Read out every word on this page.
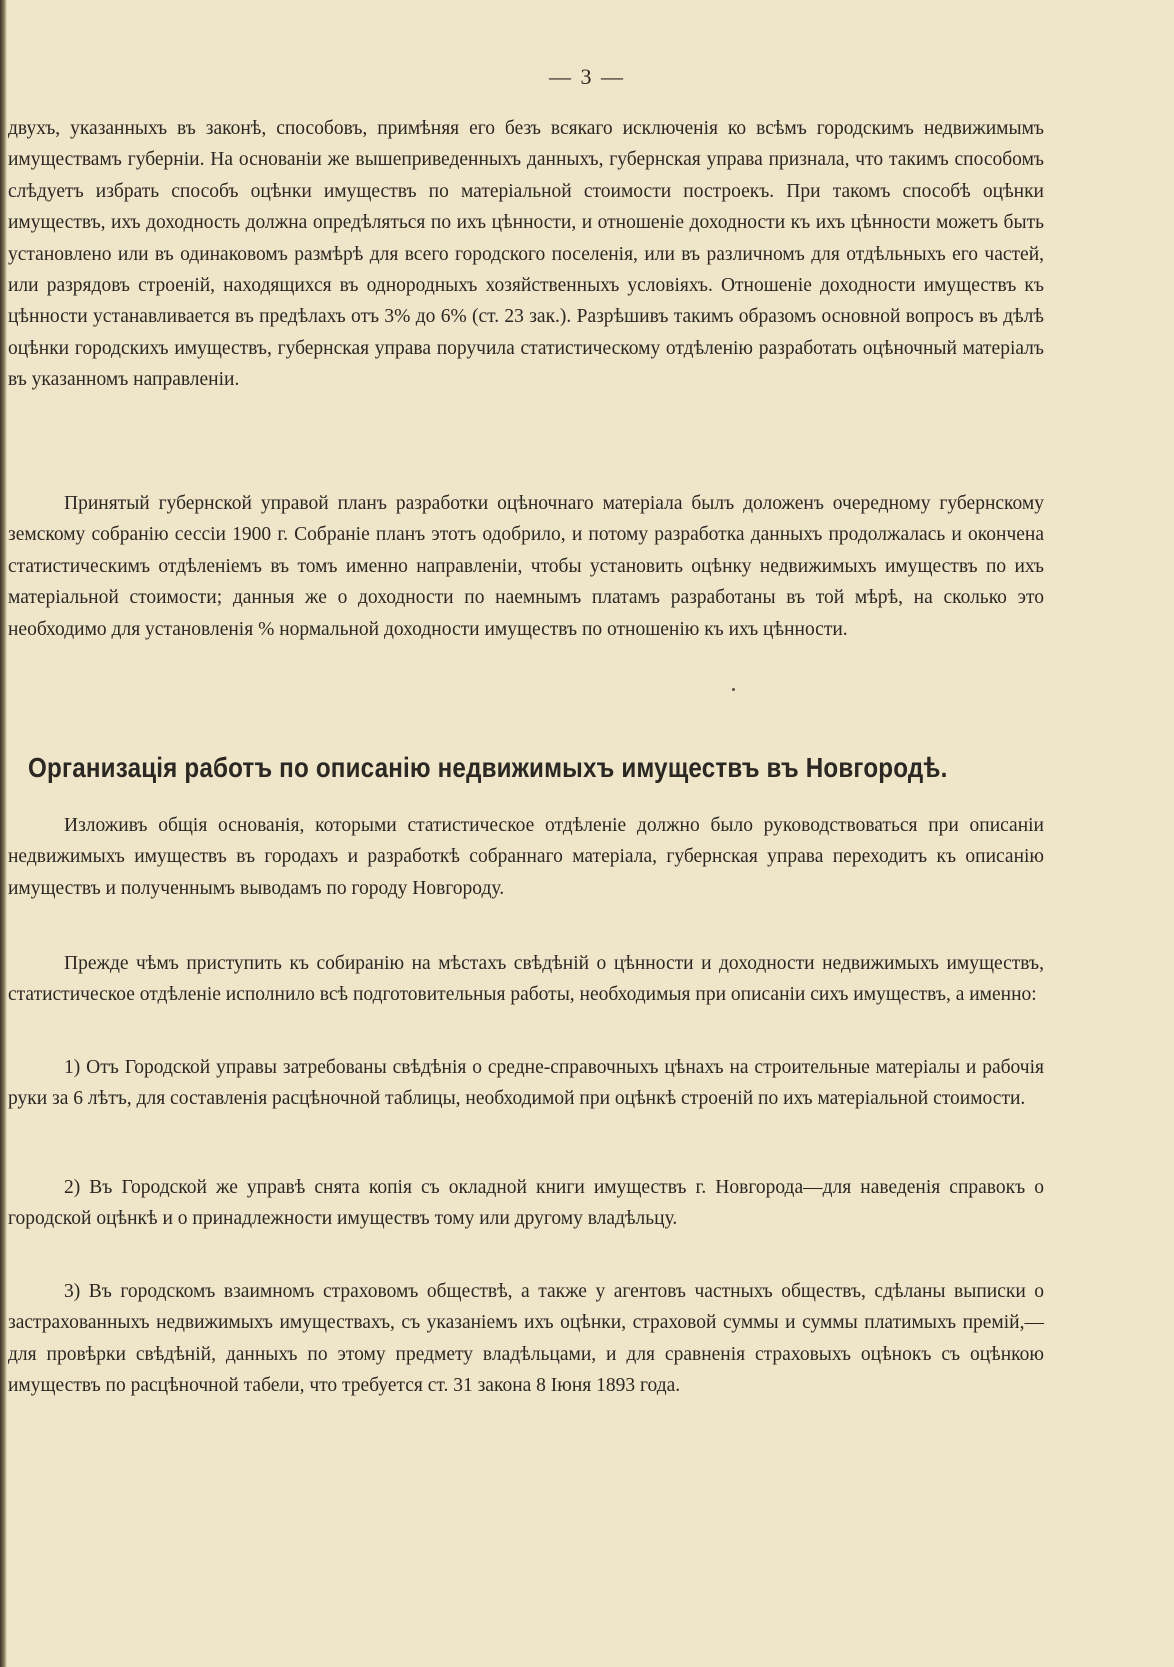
— 3 —

двухъ, указанныхъ въ законѣ, способовъ, примѣняя его безъ всякаго исключенія ко всѣмъ городскимъ недвижимымъ имуществамъ губерніи. На основаніи же вышеприведенныхъ данныхъ, губернская управа признала, что такимъ способомъ слѣдуетъ избрать способъ оцѣнки имуществъ по матеріальной стоимости построекъ. При такомъ способѣ оцѣнки имуществъ, ихъ доходность должна опредѣляться по ихъ цѣнности, и отношеніе доходности къ ихъ цѣнности можетъ быть установлено или въ одинаковомъ размѣрѣ для всего городского поселенія, или въ различномъ для отдѣльныхъ его частей, или разрядовъ строеній, находящихся въ однородныхъ хозяйственныхъ условіяхъ. Отношеніе доходности имуществъ къ цѣнности устанавливается въ предѣлахъ отъ 3% до 6% (ст. 23 зак.). Разрѣшивъ такимъ образомъ основной вопросъ въ дѣлѣ оцѣнки городскихъ имуществъ, губернская управа поручила статистическому отдѣленію разработать оцѣночный матеріалъ въ указанномъ направленіи.

Принятый губернской управой планъ разработки оцѣночнаго матеріала былъ доложенъ очередному губернскому земскому собранію сессіи 1900 г. Собраніе планъ этотъ одобрило, и потому разработка данныхъ продолжалась и окончена статистическимъ отдѣленіемъ въ томъ именно направленіи, чтобы установить оцѣнку недвижимыхъ имуществъ по ихъ матеріальной стоимости; данныя же о доходности по наемнымъ платамъ разработаны въ той мѣрѣ, на сколько это необходимо для установленія % нормальной доходности имуществъ по отношенію къ ихъ цѣнности.

Организація работъ по описанію недвижимыхъ имуществъ въ Новгородѣ.

Изложивъ общія основанія, которыми статистическое отдѣленіе должно было руководствоваться при описаніи недвижимыхъ имуществъ въ городахъ и разработкѣ собраннаго матеріала, губернская управа переходитъ къ описанію имуществъ и полученнымъ выводамъ по городу Новгороду.

Прежде чѣмъ приступить къ собиранію на мѣстахъ свѣдѣній о цѣнности и доходности недвижимыхъ имуществъ, статистическое отдѣленіе исполнило всѣ подготовительныя работы, необходимыя при описаніи сихъ имуществъ, а именно:

1) Отъ Городской управы затребованы свѣдѣнія о средне-справочныхъ цѣнахъ на строительные матеріалы и рабочія руки за 6 лѣтъ, для составленія расцѣночной таблицы, необходимой при оцѣнкѣ строеній по ихъ матеріальной стоимости.

2) Въ Городской же управѣ снята копія съ окладной книги имуществъ г. Новгорода—для наведенія справокъ о городской оцѣнкѣ и о принадлежности имуществъ тому или другому владѣльцу.

3) Въ городскомъ взаимномъ страховомъ обществѣ, а также у агентовъ частныхъ обществъ, сдѣланы выписки о застрахованныхъ недвижимыхъ имуществахъ, съ указаніемъ ихъ оцѣнки, страховой суммы и суммы платимыхъ премій,—для провѣрки свѣдѣній, данныхъ по этому предмету владѣльцами, и для сравненія страховыхъ оцѣнокъ съ оцѣнкою имуществъ по расцѣночной табели, что требуется ст. 31 закона 8 Іюня 1893 года.
